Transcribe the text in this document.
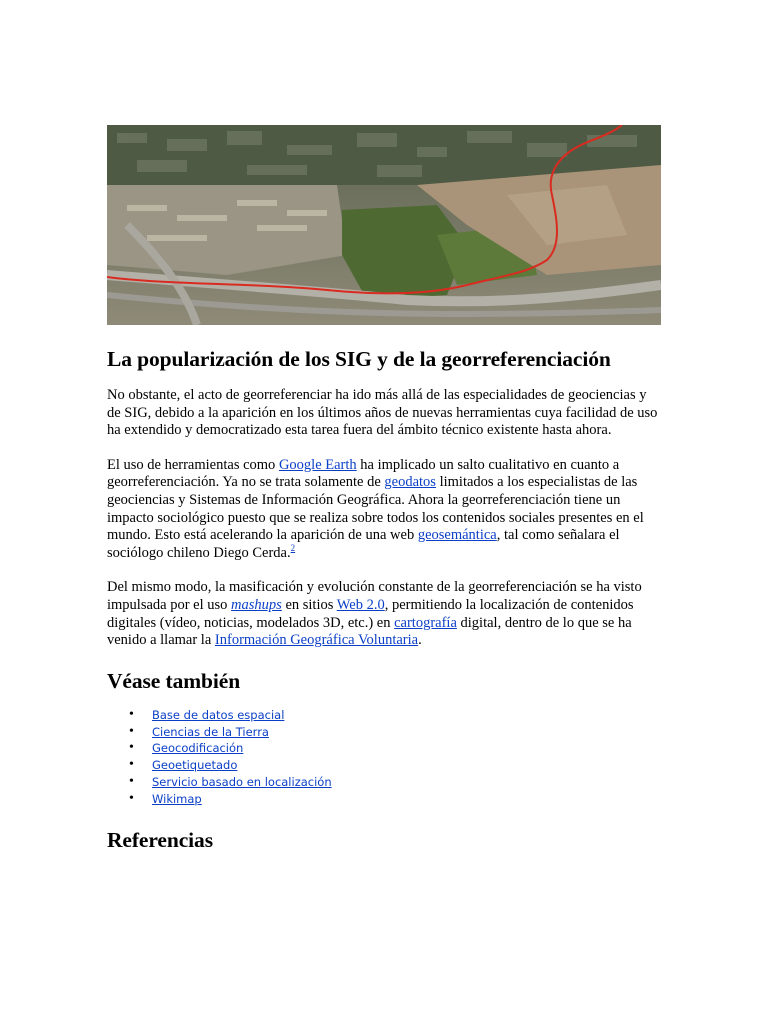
La popularización de los SIG y de la georreferenciación

No obstante, el acto de georreferenciar ha ido más allá de las especialidades de geociencias y de SIG, debido a la aparición en los últimos años de nuevas herramientas cuya facilidad de uso ha extendido y democratizado esta tarea fuera del ámbito técnico existente hasta ahora.

El uso de herramientas como Google Earth ha implicado un salto cualitativo en cuanto a georreferenciación. Ya no se trata solamente de geodatos limitados a los especialistas de las geociencias y Sistemas de Información Geográfica. Ahora la georreferenciación tiene un impacto sociológico puesto que se realiza sobre todos los contenidos sociales presentes en el mundo. Esto está acelerando la aparición de una web geosemántica, tal como señalara el sociólogo chileno Diego Cerda.$^2$

Del mismo modo, la masificación y evolución constante de la georreferenciación se ha visto impulsada por el uso mashups en sitios Web 2.0, permitiendo la localización de contenidos digitales (vídeo, noticias, modelados 3D, etc.) en cartografía digital, dentro de lo que se ha venido a llamar la Información Geográfica Voluntaria.

Véase también
• Base de datos espacial
• Ciencias de la Tierra
• Geocodificación
• Geoetiquetado
• Servicio basado en localización
• Wikimap
Referencias
